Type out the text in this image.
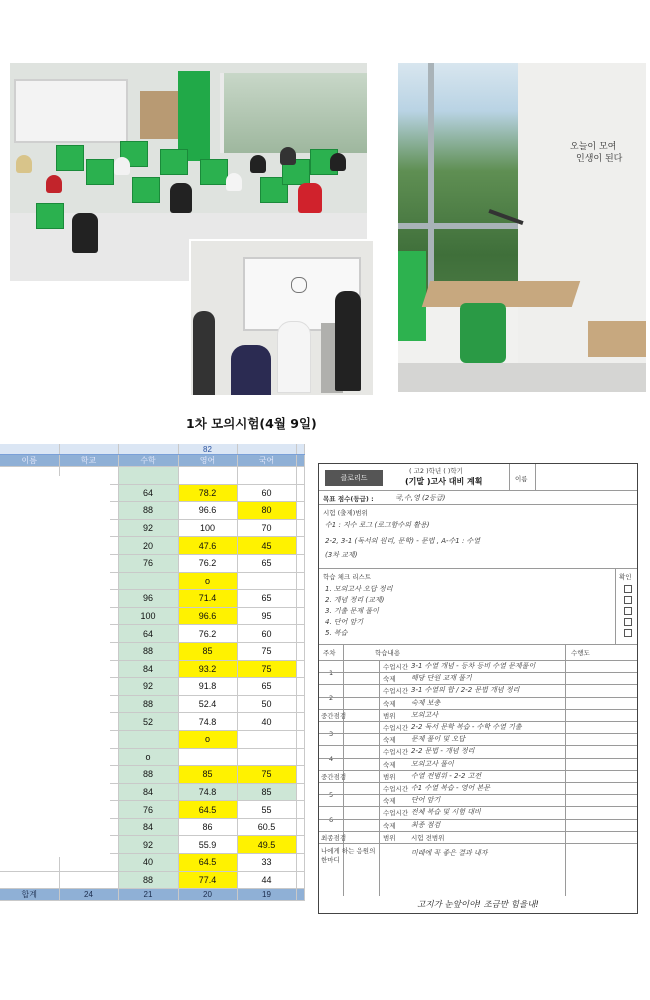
오늘이 모여
인생이 된다
1차 모의시험(4월 9일)
			82		
이름	학교	수학	영어	국어	

		64	78.2	60	
		88	96.6	80	
		92	100	70	
		20	47.6	45	
		76	76.2	65	
			o		
		96	71.4	65	
		100	96.6	95	
		64	76.2	60	
		88	85	75	
		84	93.2	75	
		92	91.8	65	
		88	52.4	50	
		52	74.8	40	
			o		
		o			
		88	85	75	
		84	74.8	85	
		76	64.5	55	
		84	86	60.5	
		92	55.9	49.5	
		40	64.5	33	
		88	77.4	44	
합계	24	21	20	19	
클로리드
( 고2 )학년 ( )학기
(기말 )고사 대비 계획	이름
목표 점수(등급) :	국,수,영 (2등급)
시험 (출제)범위
수1 : 지수 로그 (로그함수의 활용)
2-2, 3-1 (독서의 원리, 문학) - 문법 , A-수1 : 수열
(3차 교재)
학습 체크 리스트	확인
1. 모의고사 오답 정리
2. 개념 정리 (교재)
3. 기출 문제 풀이
4. 단어 암기
5. 복습
주차	학습내용	수행도
1
수업시간 3-1 수열 개념 - 등차 등비 수열 문제풀이
숙제 해당 단원 교재 풀기
2
수업시간 3-1 수열의 합 / 2-2 문법 개념 정리
숙제 숙제 보충
중간점검	범위 모의고사
3
수업시간 2-2 독서 문학 복습 - 수학 수열 기출
숙제 문제 풀이 및 오답
4
수업시간 2-2 문법 - 개념 정리
숙제 모의고사 풀이
중간점검	범위 수열 전범위 - 2-2 고전
5
수업시간 수1 수열 복습 - 영어 본문
숙제 단어 암기
6
수업시간 전체 복습 및 시험 대비
숙제 최종 점검
최종점검	범위 시험 전범위
나에게 하는 응원의 한마디
미래에 꼭 좋은 결과 내자
고지가 눈앞이야! 조금만 힘을내!
